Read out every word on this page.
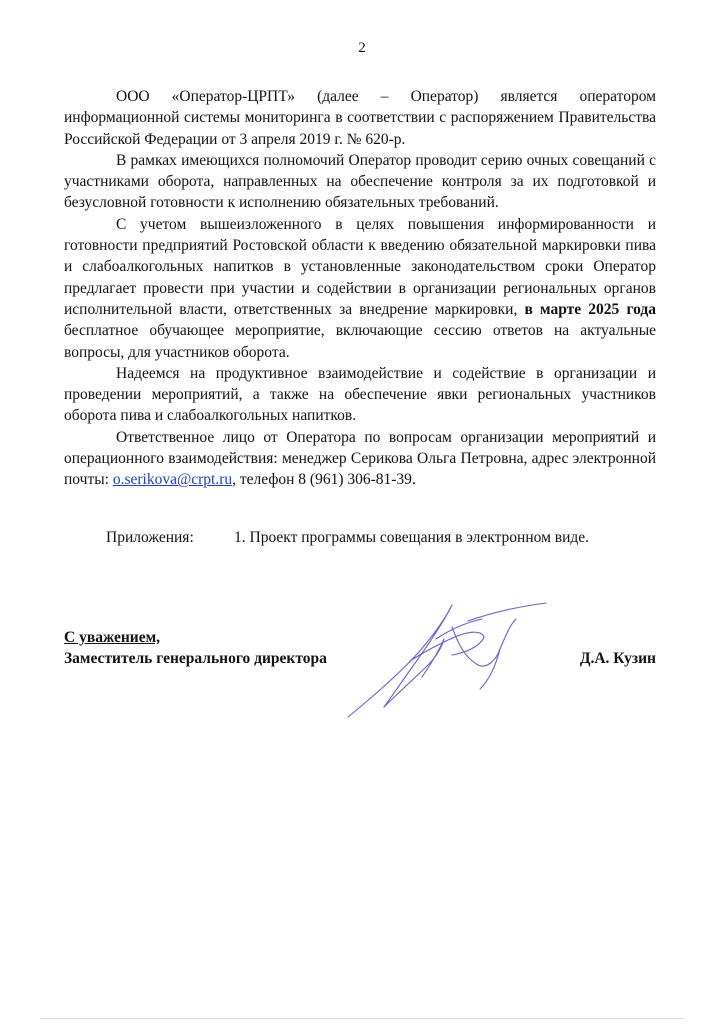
2

ООО «Оператор-ЦРПТ» (далее – Оператор) является оператором информационной системы мониторинга в соответствии с распоряжением Правительства Российской Федерации от 3 апреля 2019 г. № 620-р.

В рамках имеющихся полномочий Оператор проводит серию очных совещаний с участниками оборота, направленных на обеспечение контроля за их подготовкой и безусловной готовности к исполнению обязательных требований.

С учетом вышеизложенного в целях повышения информированности и готовности предприятий Ростовской области к введению обязательной маркировки пива и слабоалкогольных напитков в установленные законодательством сроки Оператор предлагает провести при участии и содействии в организации региональных органов исполнительной власти, ответственных за внедрение маркировки, в марте 2025 года бесплатное обучающее мероприятие, включающие сессию ответов на актуальные вопросы, для участников оборота.

Надеемся на продуктивное взаимодействие и содействие в организации и проведении мероприятий, а также на обеспечение явки региональных участников оборота пива и слабоалкогольных напитков.

Ответственное лицо от Оператора по вопросам организации мероприятий и операционного взаимодействия: менеджер Серикова Ольга Петровна, адрес электронной почты: o.serikova@crpt.ru, телефон 8 (961) 306-81-39.

Приложения:	1. Проект программы совещания в электронном виде.
С уважением,
Заместитель генерального директора	Д.А. Кузин
